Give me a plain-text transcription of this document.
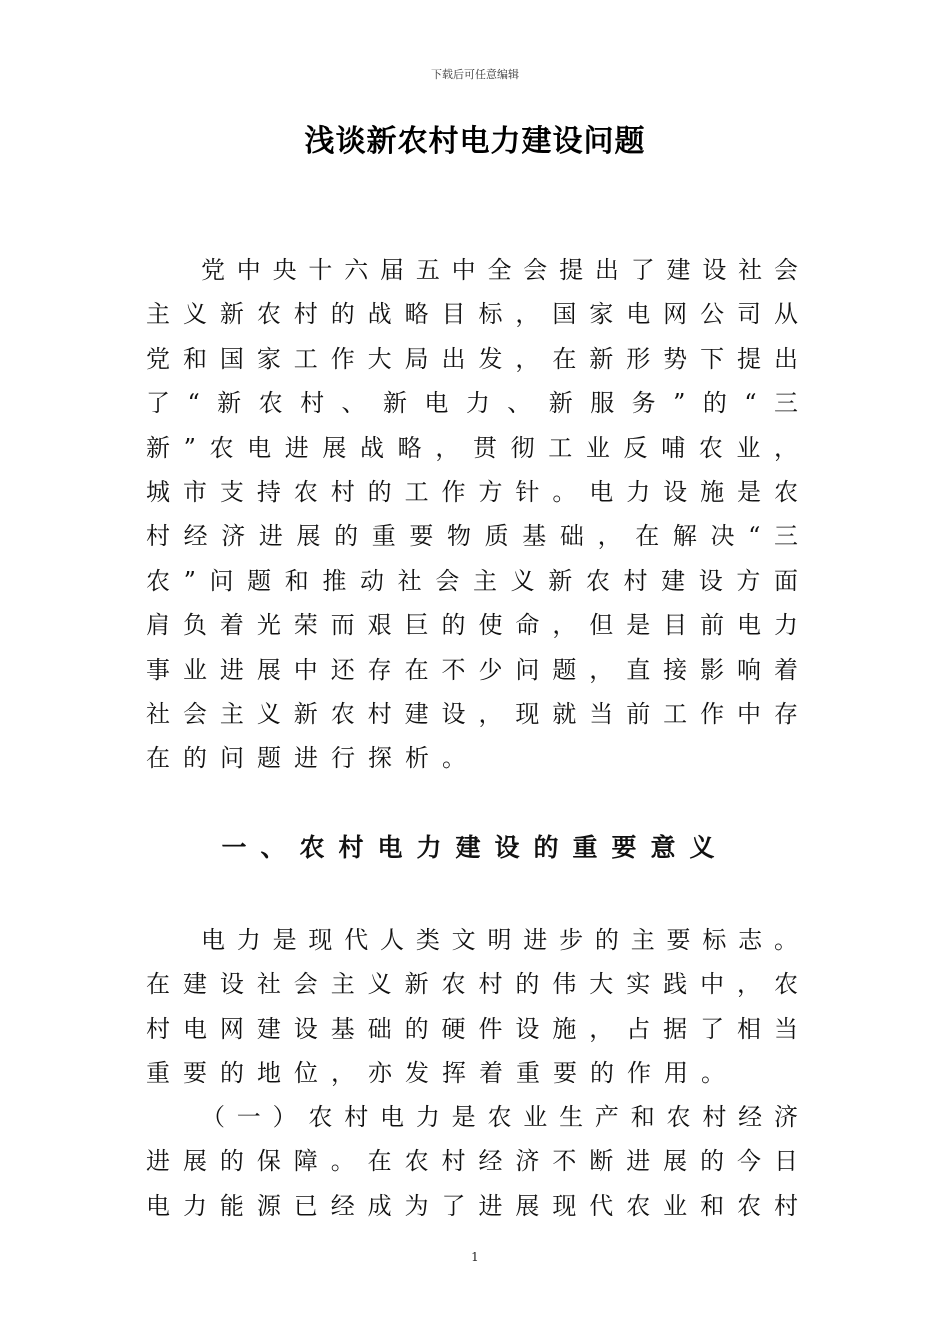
下载后可任意编辑
浅谈新农村电力建设问题
党中央十六届五中全会提出了建设社会
主义新农村的战略目标，国家电网公司从
党和国家工作大局出发，在新形势下提出
了“新农村、新电力、新服务”的“三
新”农电进展战略，贯彻工业反哺农业，
城市支持农村的工作方针。电力设施是农
村经济进展的重要物质基础，在解决“三
农”问题和推动社会主义新农村建设方面
肩负着光荣而艰巨的使命，但是目前电力
事业进展中还存在不少问题，直接影响着
社会主义新农村建设，现就当前工作中存
在的问题进行探析。
一、农村电力建设的重要意义
电力是现代人类文明进步的主要标志。
在建设社会主义新农村的伟大实践中，农
村电网建设基础的硬件设施，占据了相当
重要的地位，亦发挥着重要的作用。
（一）农村电力是农业生产和农村经济
进展的保障。在农村经济不断进展的今日
电力能源已经成为了进展现代农业和农村
1
